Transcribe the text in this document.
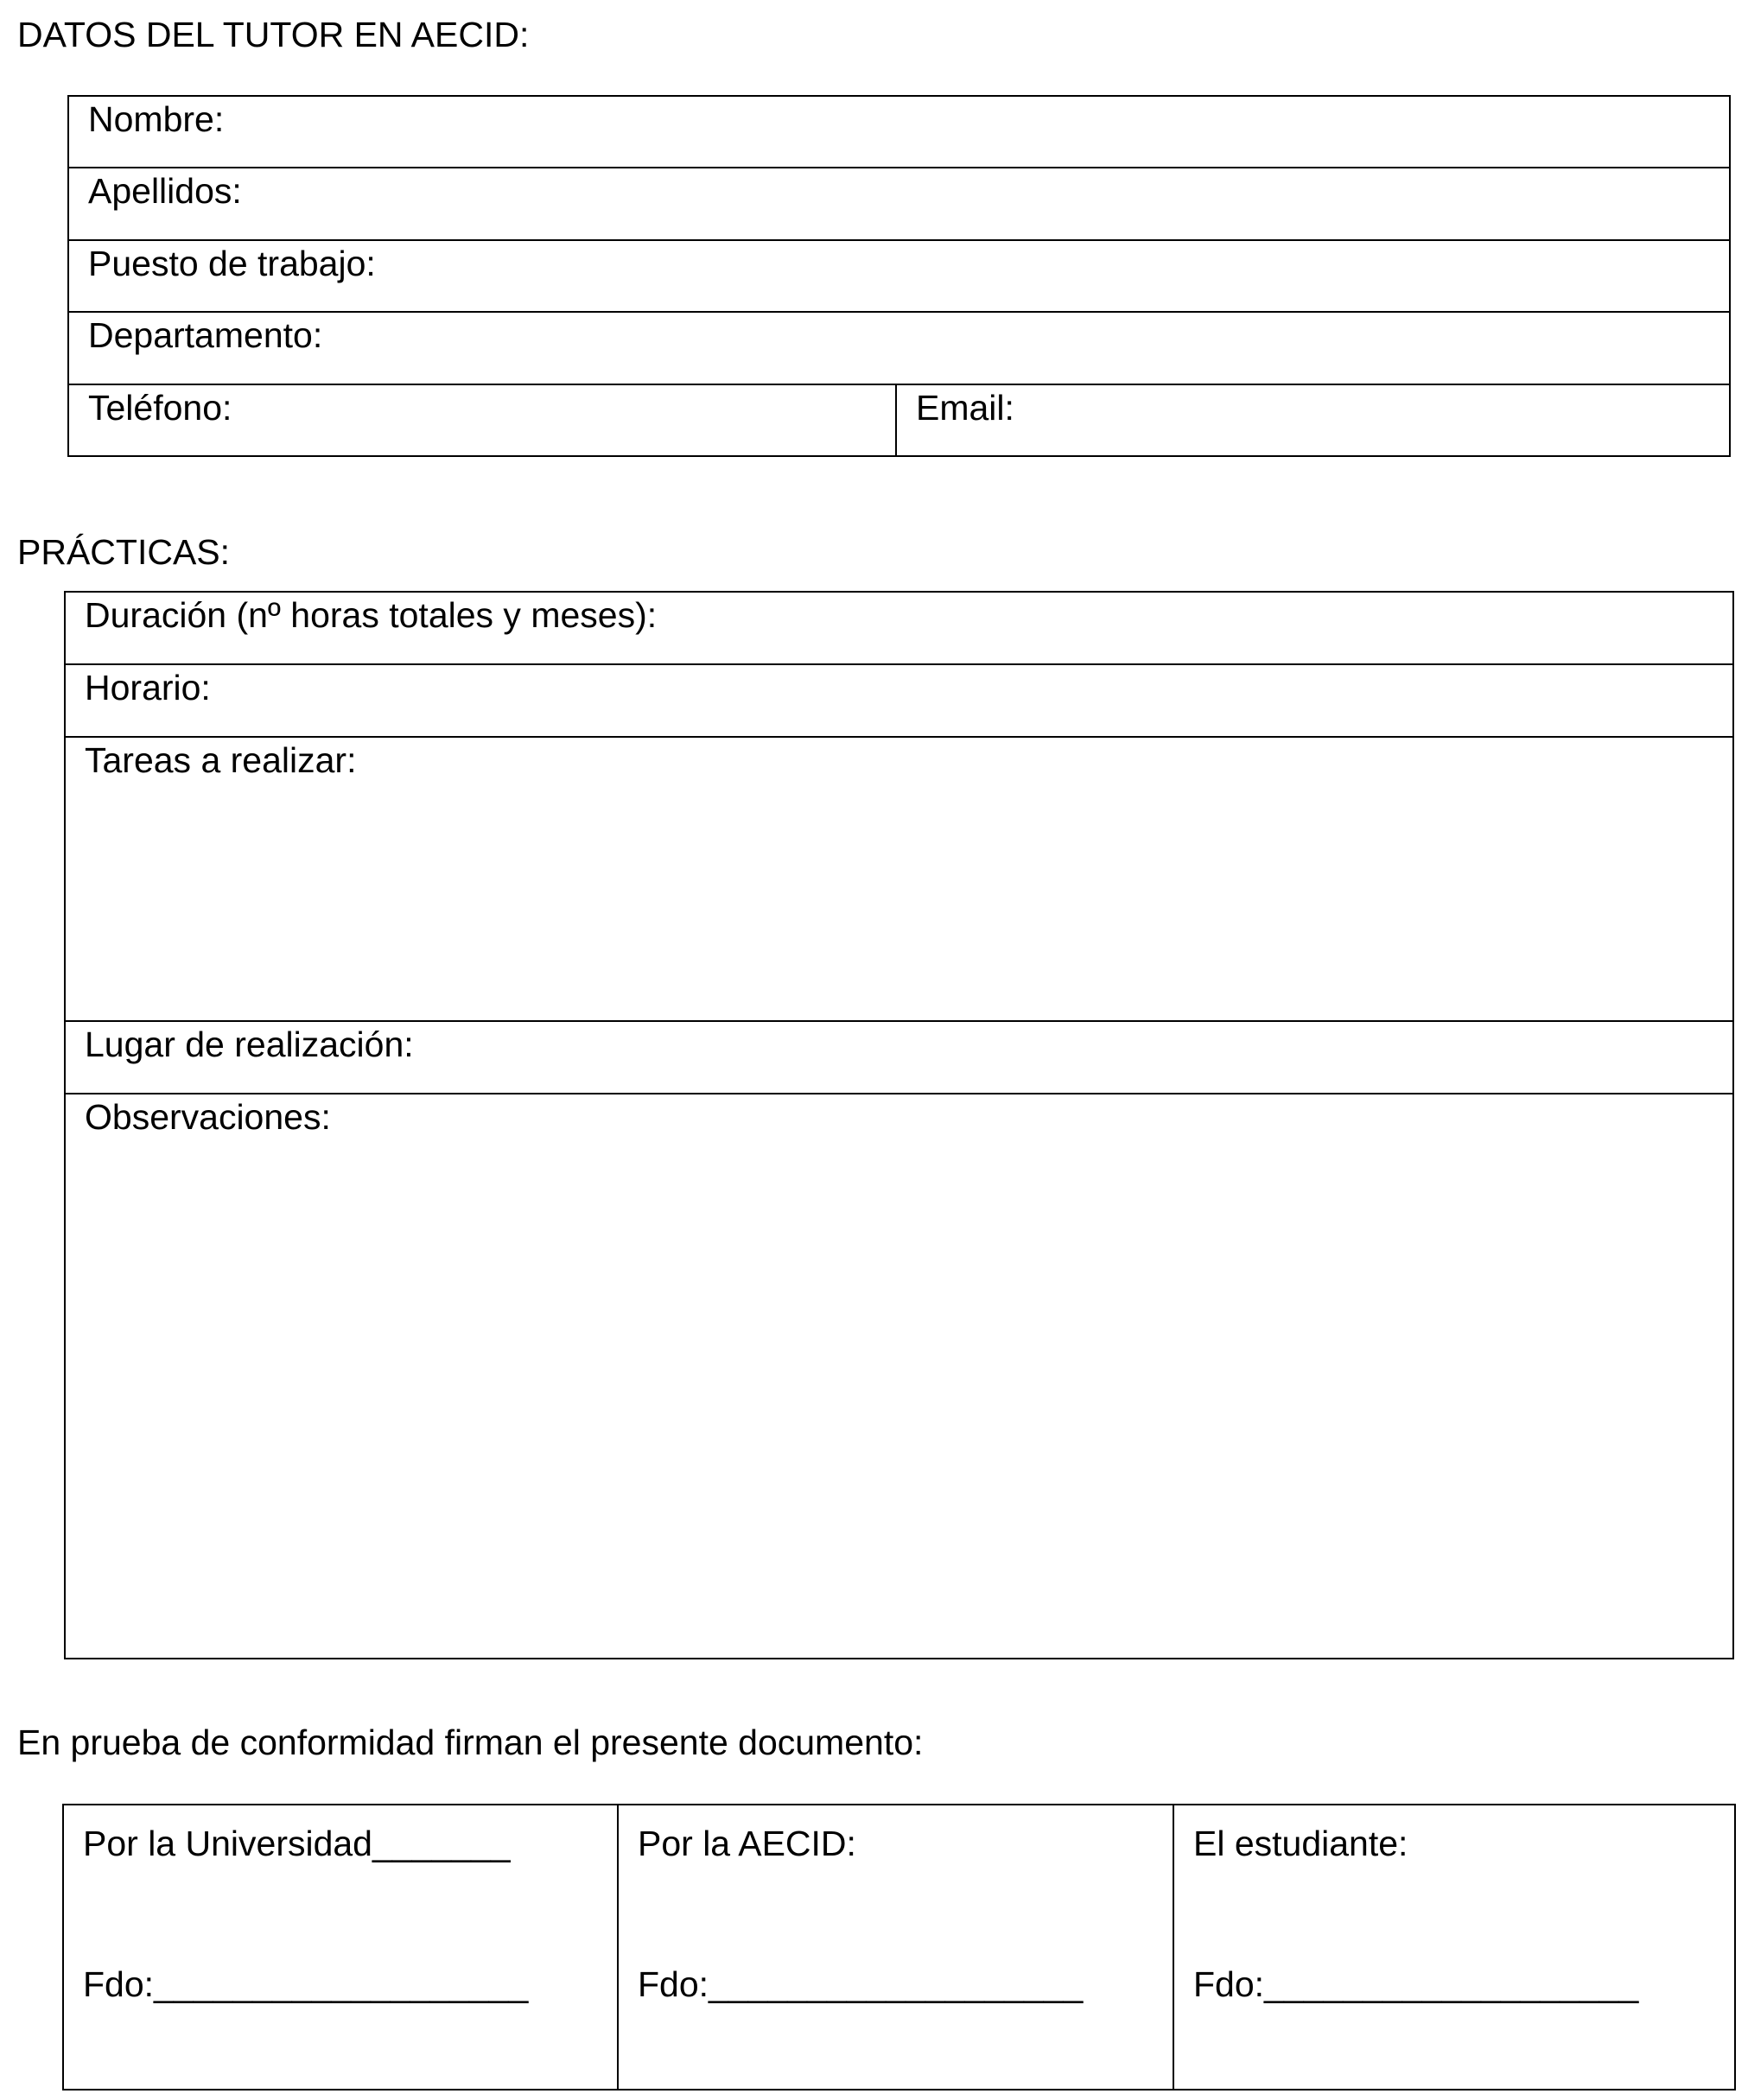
DATOS DEL TUTOR EN AECID:
Nombre:

Apellidos:

Puesto de trabajo:

Departamento:

Teléfono:	Email:
PRÁCTICAS:
Duración (nº horas totales y meses):

Horario:

Tareas a realizar:

Lugar de realización:

Observaciones:

En prueba de conformidad firman el presente documento:

Por la Universidad_______
Fdo:___________________

Por la AECID:
Fdo:___________________

El estudiante:
Fdo:___________________
